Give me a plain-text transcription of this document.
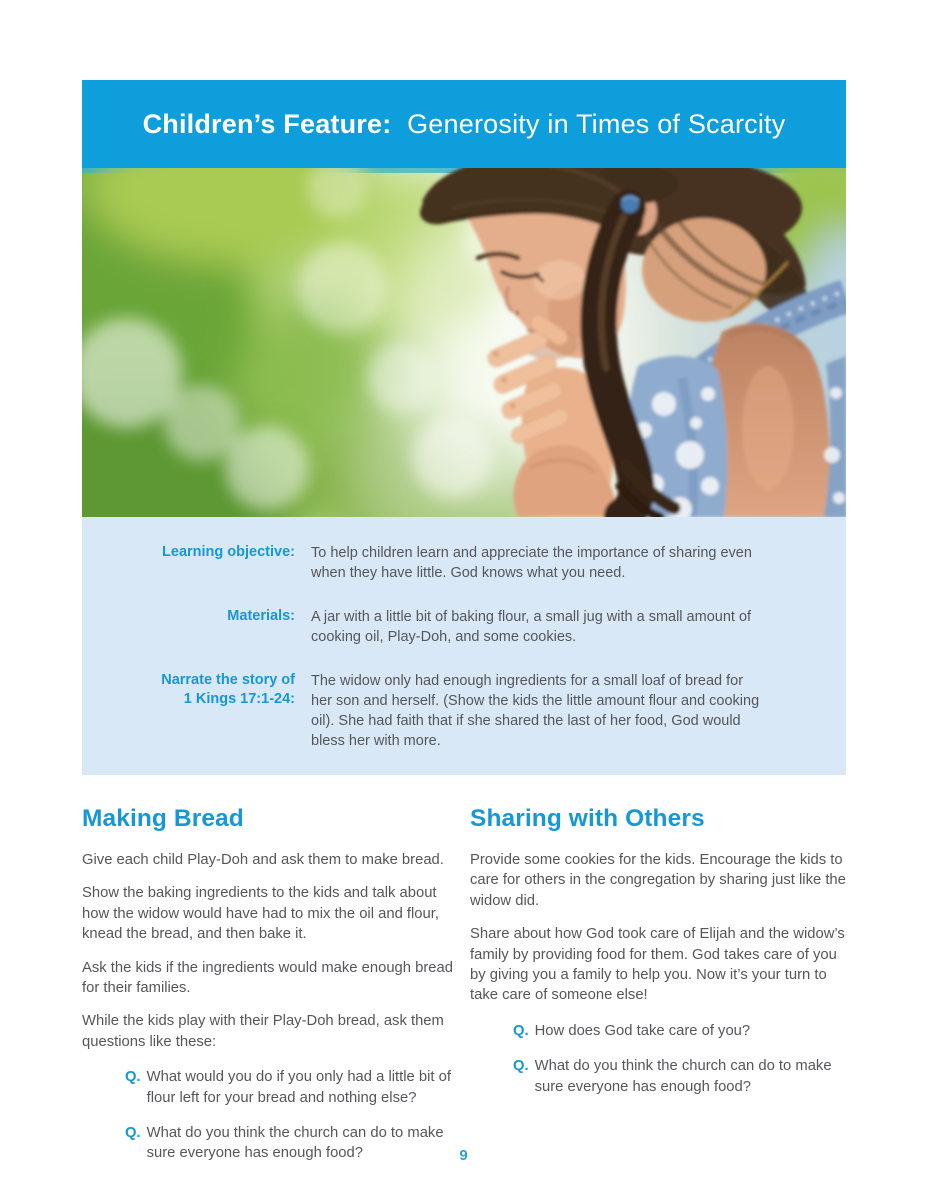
Children’s Feature: Generosity in Times of Scarcity
Learning objective: To help children learn and appreciate the importance of sharing even when they have little. God knows what you need.
Materials: A jar with a little bit of baking flour, a small jug with a small amount of cooking oil, Play-Doh, and some cookies.
Narrate the story of
1 Kings 17:1-24:
The widow only had enough ingredients for a small loaf of bread for her son and herself. (Show the kids the little amount flour and cooking oil). She had faith that if she shared the last of her food, God would bless her with more.
Making Bread

Give each child Play-Doh and ask them to make bread.

Show the baking ingredients to the kids and talk about how the widow would have had to mix the oil and flour, knead the bread, and then bake it.

Ask the kids if the ingredients would make enough bread for their families.

While the kids play with their Play-Doh bread, ask them questions like these:

Q. What would you do if you only had a little bit of flour left for your bread and nothing else?
Q. What do you think the church can do to make sure everyone has enough food?
Sharing with Others

Provide some cookies for the kids. Encourage the kids to care for others in the congregation by sharing just like the widow did.

Share about how God took care of Elijah and the widow’s family by providing food for them. God takes care of you by giving you a family to help you. Now it’s your turn to take care of someone else!

Q. How does God take care of you?
Q. What do you think the church can do to make sure everyone has enough food?
9
